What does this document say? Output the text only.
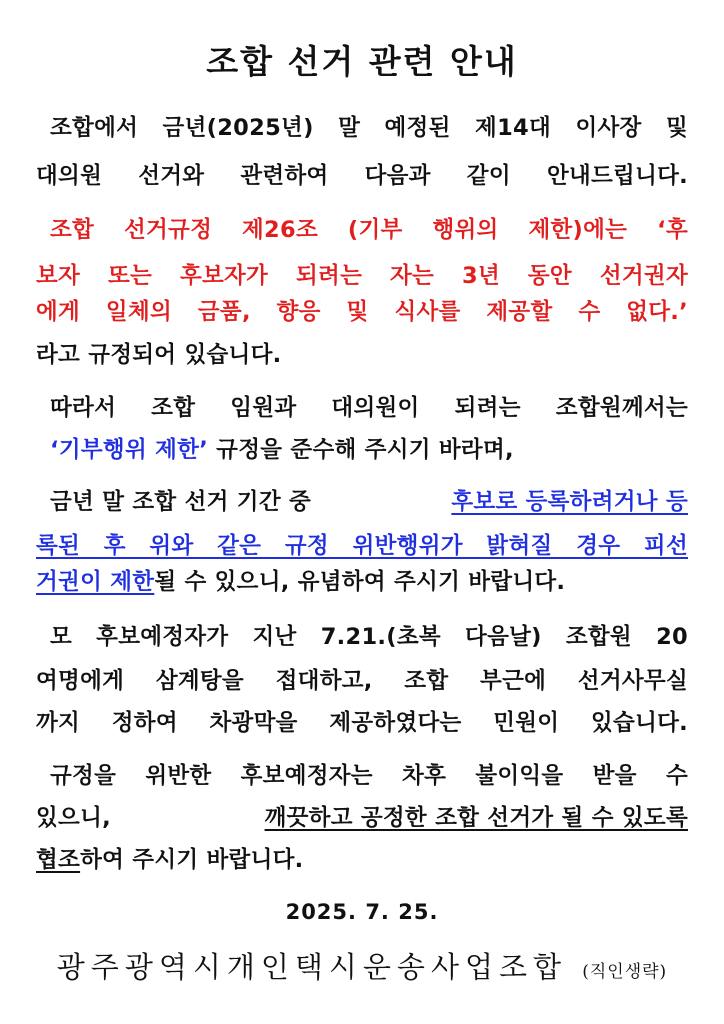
조합 선거 관련 안내
조합에서 금년(2025년) 말 예정된 제14대 이사장 및
대의원 선거와 관련하여 다음과 같이 안내드립니다.
조합 선거규정 제26조 (기부 행위의 제한)에는 ‘후
보자 또는 후보자가 되려는 자는 3년 동안 선거권자
에게 일체의 금품, 향응 및 식사를 제공할 수 없다.’
라고 규정되어 있습니다.
따라서 조합 임원과 대의원이 되려는 조합원께서는
‘기부행위 제한’ 규정을 준수해 주시기 바라며,
금년 말 조합 선거 기간 중	후보로 등록하려거나 등
록된 후 위와 같은 규정 위반행위가 밝혀질 경우 피선
거권이 제한될 수 있으니, 유념하여 주시기 바랍니다.
모 후보예정자가 지난 7.21.(초복 다음날) 조합원 20
여명에게 삼계탕을 접대하고, 조합 부근에 선거사무실
까지 정하여 차광막을 제공하였다는 민원이 있습니다.
규정을 위반한 후보예정자는 차후 불이익을 받을 수
있으니,	깨끗하고 공정한 조합 선거가 될 수 있도록
협조하여 주시기 바랍니다.
2025. 7. 25.
광주광역시개인택시운송사업조합 (직인생략)
